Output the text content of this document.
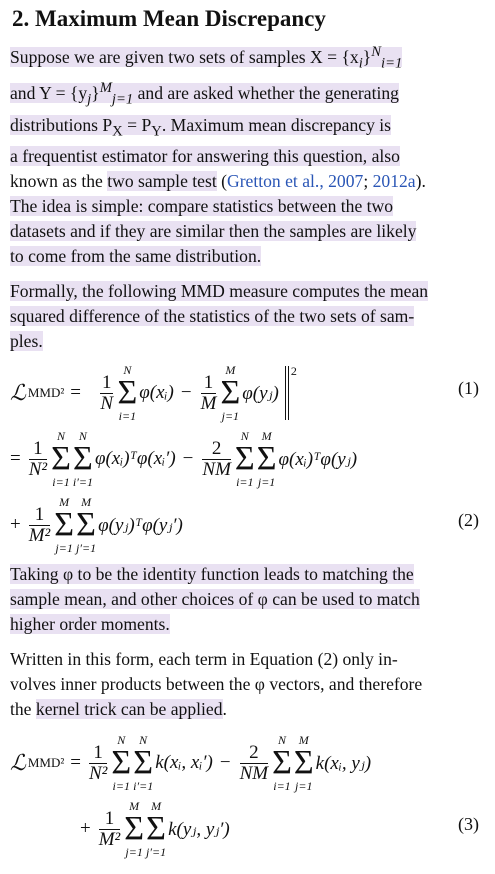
2. Maximum Mean Discrepancy

Suppose we are given two sets of samples $X = \{x_i\}^N_{i=1}$
and $Y = \{y_j\}^M_{j=1}$ and are asked whether the generating
distributions $P_X = P_Y$. Maximum mean discrepancy is
a frequentist estimator for answering this question, also
known as the two sample test (Gretton et al., 2007; 2012a).
The idea is simple: compare statistics between the two
datasets and if they are similar then the samples are likely
to come from the same distribution.

Formally, the following MMD measure computes the mean
squared difference of the statistics of the two sets of sam-
ples.

ℒ $MMD^2 = \frac{1}{N}$
N
Σ
i=1
φ(xᵢ) − $\frac{1}{M}$
M
Σ
j=1
φ(yⱼ)
$^2$
(1)
= $\frac{1}{\text{N²}}$
N
Σ
i=1
N
Σ
i′=1
φ(xᵢ)ᵀφ(xᵢ′) − $\frac{2}{NM}$
N
Σ
i=1
M
Σ
j=1
φ(xᵢ)ᵀφ(yⱼ)
+ $\frac{1}{\text{M²}}$
M
Σ
j=1
M
Σ
j′=1
φ(yⱼ)ᵀφ(yⱼ′)	(2)

Taking φ to be the identity function leads to matching the
sample mean, and other choices of φ can be used to match
higher order moments.

Written in this form, each term in Equation (2) only in-
volves inner products between the φ vectors, and therefore
the kernel trick can be applied.

ℒ $MMD^2 = \frac{1}{\text{N²}}$
N
Σ
i=1
N
Σ
i′=1
k(xᵢ, xᵢ′) − $\frac{2}{NM}$
N
Σ
i=1
M
Σ
j=1
k(xᵢ, yⱼ)
+ $\frac{1}{\text{M²}}$
M
Σ
j=1
M
Σ
j′=1
k(yⱼ, yⱼ′)	(3)
